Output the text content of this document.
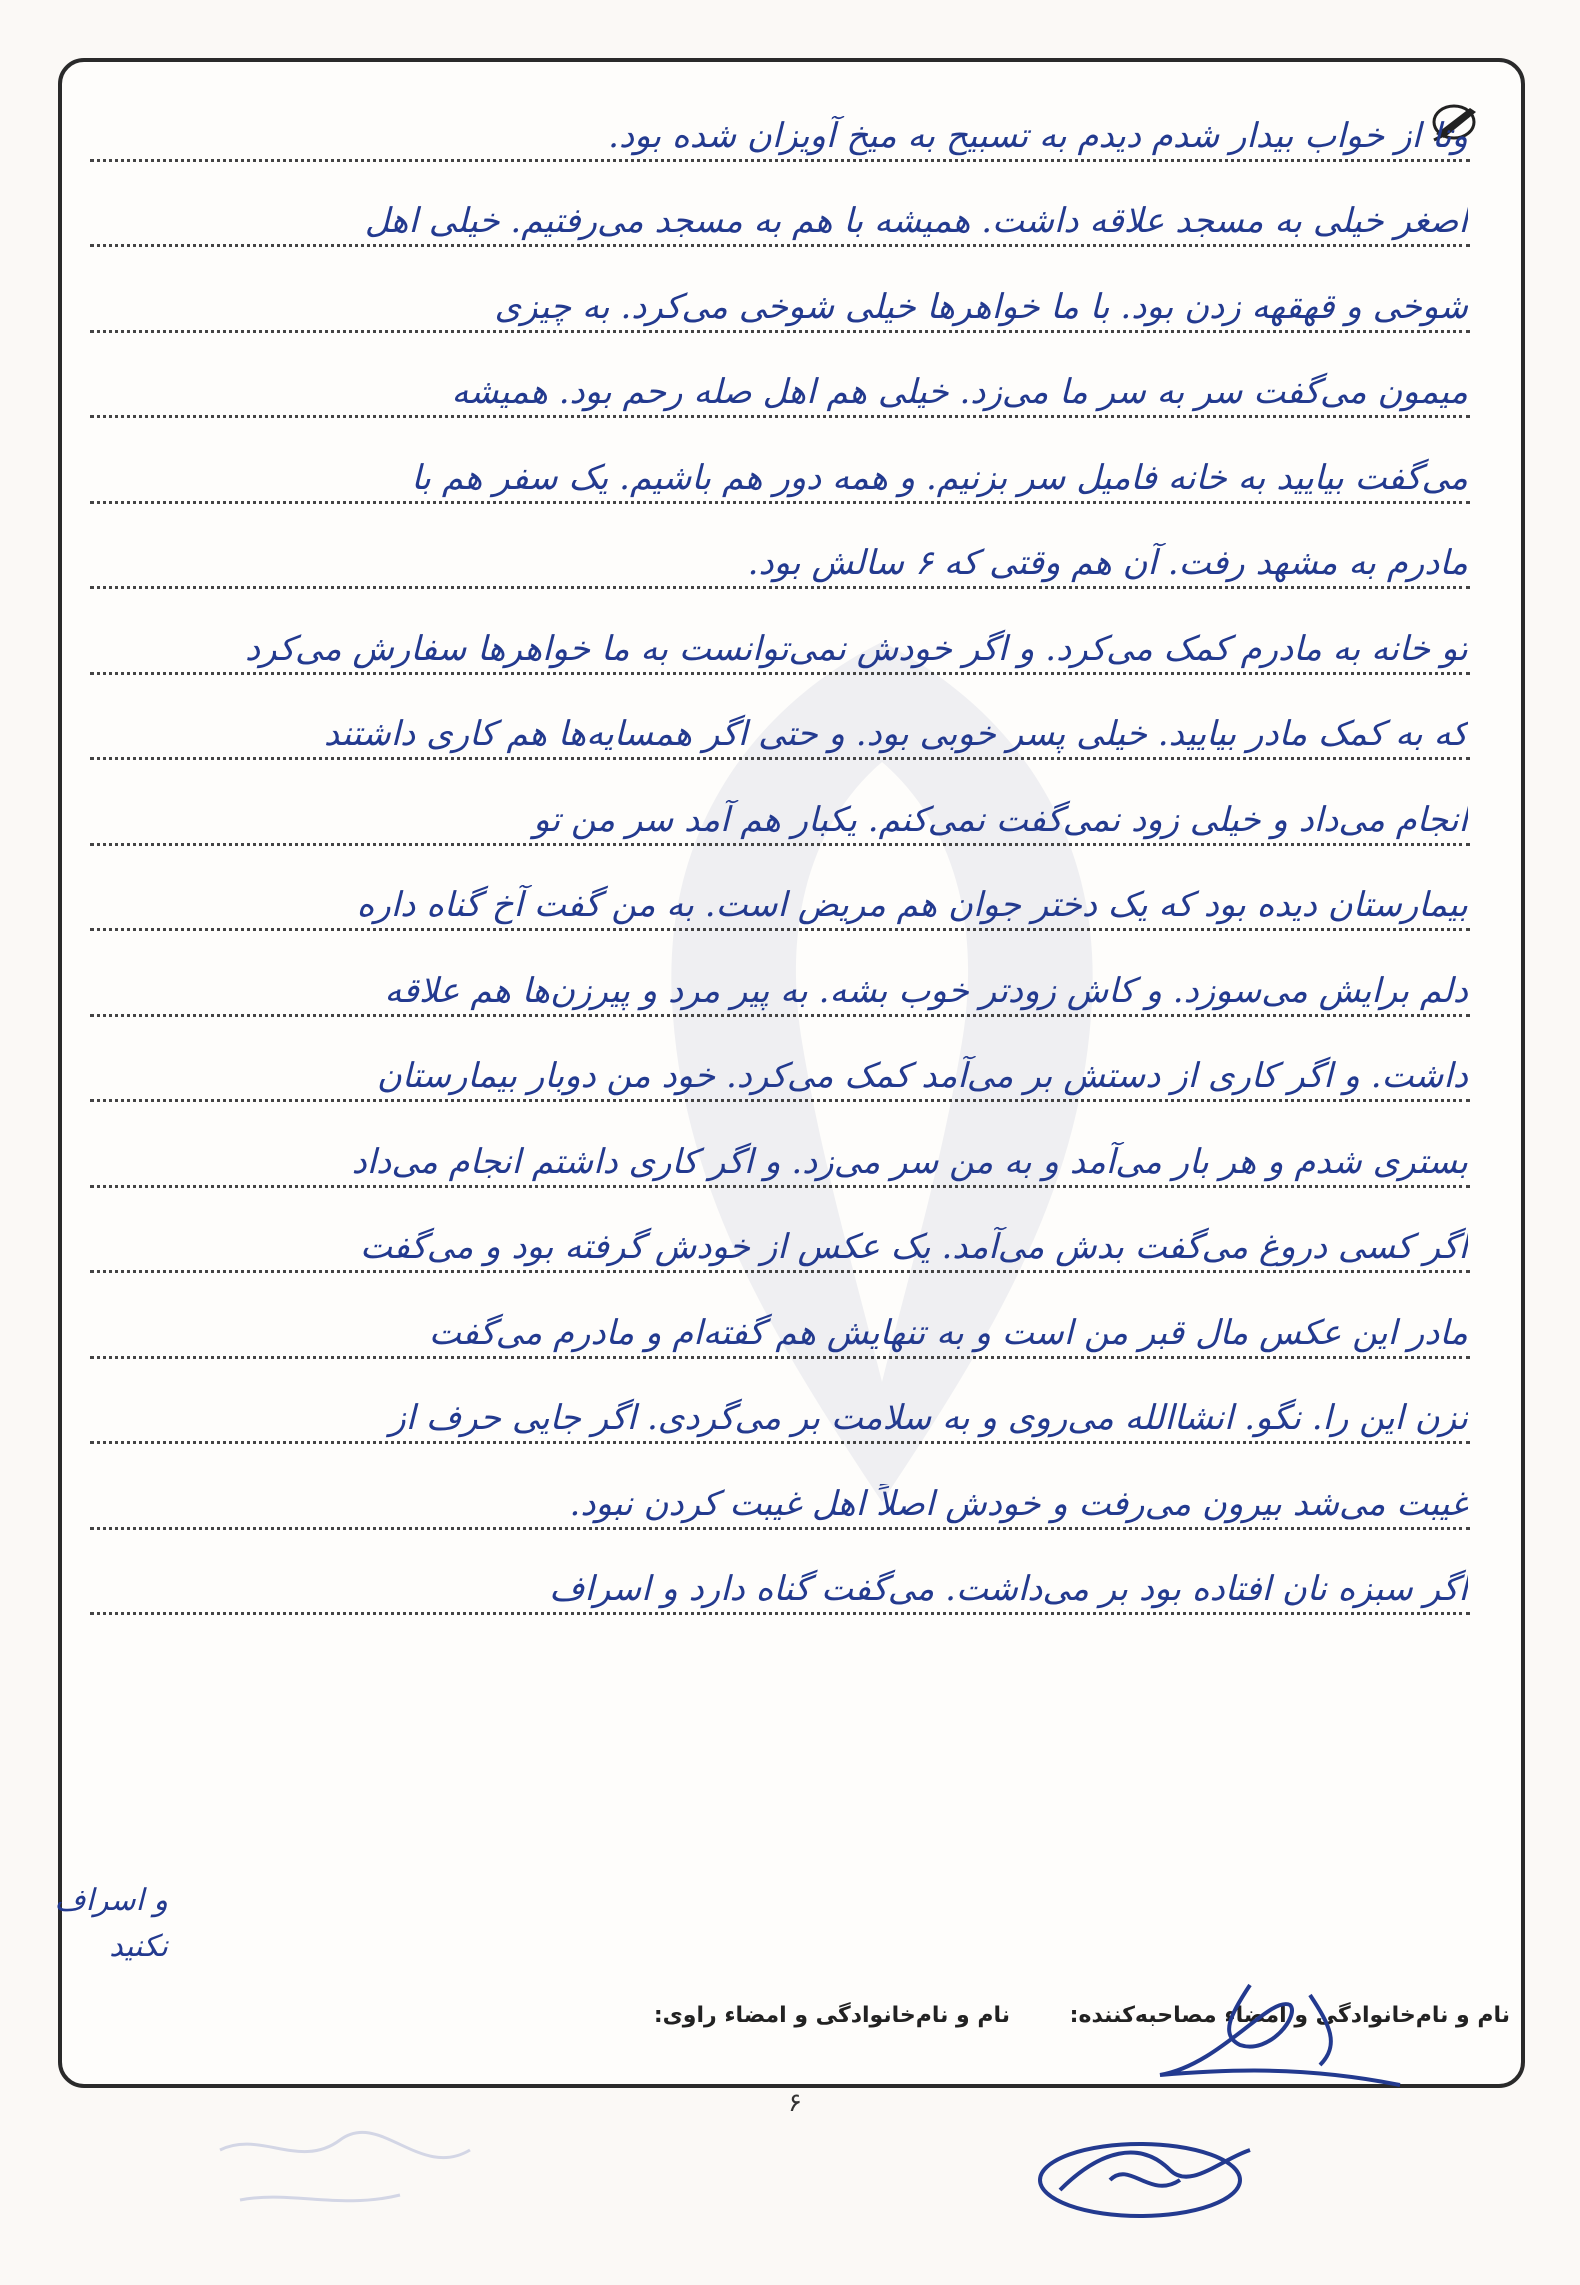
وتا از خواب بیدار شدم دیدم به تسبیح به میخ آویزان شده بود.
اصغر خیلی به مسجد علاقه داشت. همیشه با هم به مسجد می‌رفتیم. خیلی اهل
شوخی و قهقهه زدن بود. با ما خواهرها خیلی شوخی می‌کرد. به چیزی
میمون می‌گفت سر به سر ما می‌زد. خیلی هم اهل صله رحم بود. همیشه
می‌گفت بیایید به خانه فامیل سر بزنیم. و همه دور هم باشیم. یک سفر هم با
مادرم به مشهد رفت. آن هم وقتی که ۶ سالش بود.
تو خانه به مادرم کمک می‌کرد. و اگر خودش نمی‌توانست به ما خواهرها سفارش می‌کرد
که به کمک مادر بیایید. خیلی پسر خوبی بود. و حتی اگر همسایه‌ها هم کاری داشتند
انجام می‌داد و خیلی زود نمی‌گفت نمی‌کنم. یکبار هم آمد سر من تو
بیمارستان دیده بود که یک دختر جوان هم مریض است. به من گفت آخ گناه داره
دلم برایش می‌سوزد. و کاش زودتر خوب بشه. به پیر مرد و پیرزن‌ها هم علاقه
داشت. و اگر کاری از دستش بر می‌آمد کمک می‌کرد. خود من دوبار بیمارستان
بستری شدم و هر بار می‌آمد و به من سر می‌زد. و اگر کاری داشتم انجام می‌داد
اگر کسی دروغ می‌گفت بدش می‌آمد. یک عکس از خودش گرفته بود و می‌گفت
مادر این عکس مال قبر من است و به تنهایش هم گفته‌ام و مادرم می‌گفت
نزن این را. نگو. انشاالله می‌روی و به سلامت بر می‌گردی. اگر جایی حرف از
غیبت می‌شد بیرون می‌رفت و خودش اصلاً اهل غیبت کردن نبود.
اگر سبزه نان افتاده بود بر می‌داشت. می‌گفت گناه دارد و اسراف
و اسراف نکنید
نام و نام‌خانوادگی و امضاء مصاحبه‌کننده:
نام و نام‌خانوادگی و امضاء راوی:
۶
